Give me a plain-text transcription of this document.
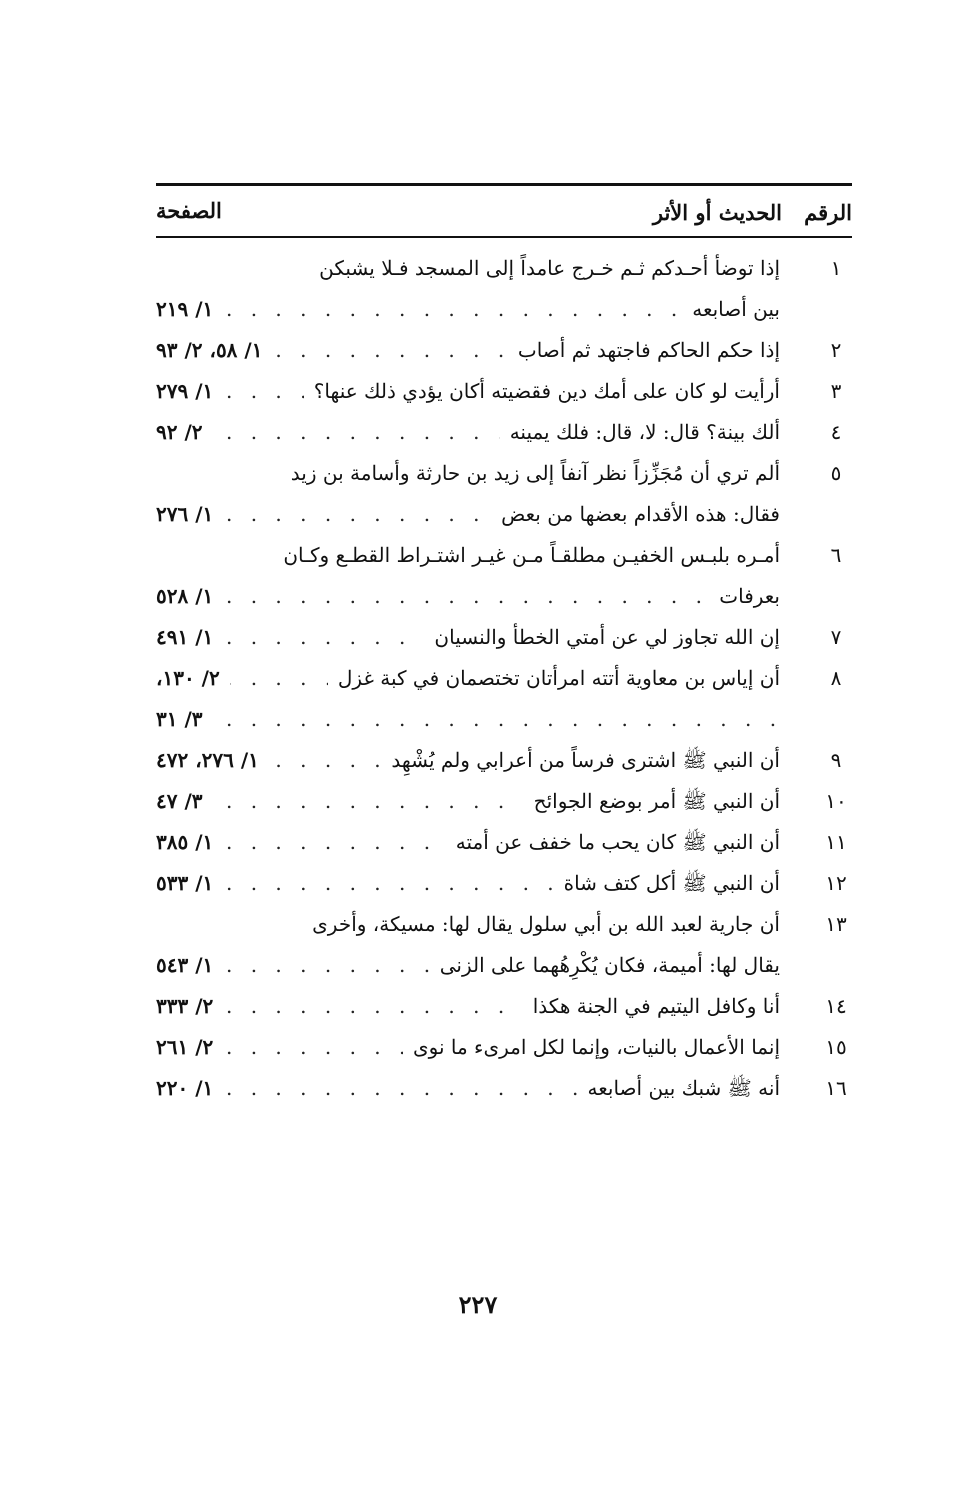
الرقم
الحديث أو الأثر
الصفحة
١
إذا توضأ أحـدكم ثـم خـرج عامداً إلى المسجد فـلا يشبكن
. . .
بين أصابعه
١/ ٢١٩
٢
. . .
إذا حكم الحاكم فاجتهد ثم أصاب
١/ ٥٨، ٢/ ٩٣
٣
. . .
أرأيت لو كان على أمك دين فقضيته أكان يؤدي ذلك عنها؟
١/ ٢٧٩
٤
. . .
ألك بينة؟ قال: لا، قال: فلك يمينه
٢/ ٩٢
٥
ألم تري أن مُجَزِّزاً نظر آنفاً إلى زيد بن حارثة وأسامة بن زيد
. . .
فقال: هذه الأقدام بعضها من بعض
١/ ٢٧٦
٦
أمـره بلبـس الخفيـن مطلقـاً مـن غيـر اشتـراط القطـع وكـان
. . .
بعرفات
١/ ٥٢٨
٧
. . .
إن الله تجاوز لي عن أمتي الخطأ والنسيان
١/ ٤٩١
٨
. . .
أن إياس بن معاوية أتته امرأتان تختصمان في كبة غزل
٢/ ١٣٠،
. . .
٣/ ٣١
٩
. . .
أن النبي ﷺ اشترى فرساً من أعرابي ولم يُشْهِد
١/ ٢٧٦، ٤٧٢
١٠
. . .
أن النبي ﷺ أمر بوضع الجوائح
٣/ ٤٧
١١
. . .
أن النبي ﷺ كان يحب ما خفف عن أمته
١/ ٣٨٥
١٢
. . .
أن النبي ﷺ أكل كتف شاة
١/ ٥٣٣
١٣
أن جارية لعبد الله بن أبي سلول يقال لها: مسيكة، وأخرى
. . .
يقال لها: أميمة، فكان يُكْرِهُهما على الزنى
١/ ٥٤٣
١٤
. . .
أنا وكافل اليتيم في الجنة هكذا
٢/ ٣٣٣
١٥
. . .
إنما الأعمال بالنيات، وإنما لكل امرىء ما نوى
٢/ ٢٦١
١٦
. . .
أنه ﷺ شبك بين أصابعه
١/ ٢٢٠
٢٢٧
